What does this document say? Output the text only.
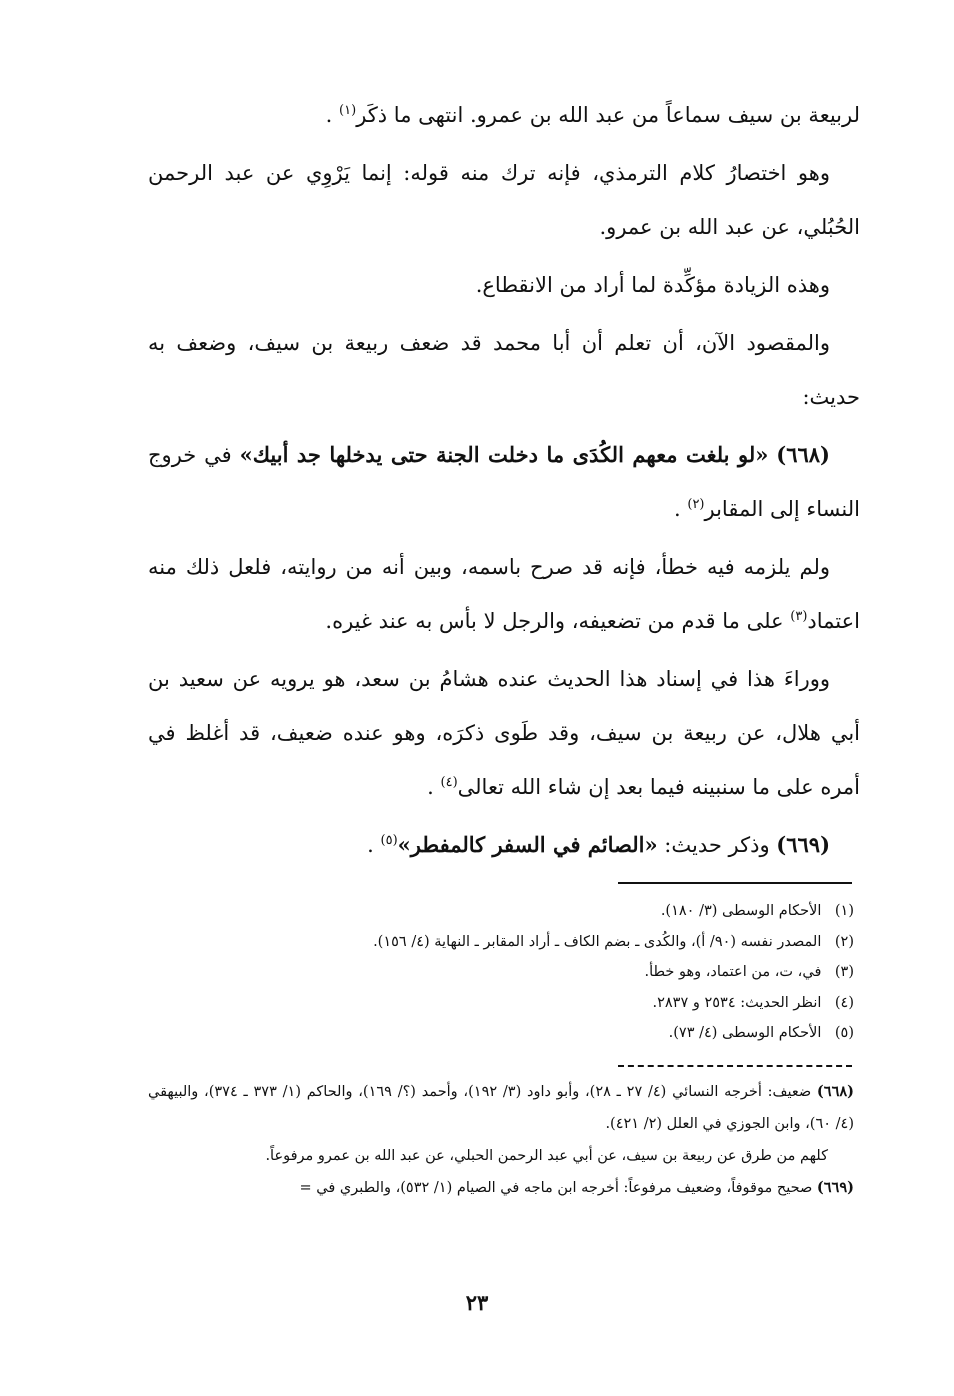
لربيعة بن سيف سماعاً من عبد الله بن عمرو. انتهى ما ذكَر$^{(١)}$ .

وهو اختصارُ كلام الترمذي، فإنه ترك منه قوله: إنما يَرْوِي عن عبد الرحمن الحُبُلي، عن عبد الله بن عمرو.

وهذه الزيادة مؤكِّدة لما أراد من الانقطاع.

والمقصود الآن، أن تعلم أن أبا محمد قد ضعف ربيعة بن سيف، وضعف به حديث:

(٦٦٨) «لو بلغت معهم الكُدَى ما دخلت الجنة حتى يدخلها جد أبيك» في خروج النساء إلى المقابر$^{(٢)}$ .

ولم يلزمه فيه خطأ، فإنه قد صرح باسمه، وبين أنه من روايته، فلعل ذلك منه اعتماد$^{(٣)}$ على ما قدم من تضعيفه، والرجل لا بأس به عند غيره.

ووراءَ هذا في إسناد هذا الحديث عنده هشامُ بن سعد، هو يرويه عن سعيد بن أبي هلال، عن ربيعة بن سيف، وقد طَوى ذكرَه، وهو عنده ضعيف، قد أغلظ في أمره على ما سنبينه فيما بعد إن شاء الله تعالى$^{(٤)}$ .

(٦٦٩) وذكر حديث: «الصائم في السفر كالمفطر»$^{(٥)}$ .

(١) الأحكام الوسطى (٣/ ١٨٠).
(٢) المصدر نفسه (٩٠/ أ)، والكُدى ـ بضم الكاف ـ أراد المقابر ـ النهاية (٤/ ١٥٦).
(٣) في، ت، من اعتماد، وهو خطأ.
(٤) انظر الحديث: ٢٥٣٤ و ٢٨٣٧.
(٥) الأحكام الوسطى (٤/ ٧٣).

(٦٦٨) ضعيف: أخرجه النسائي (٤/ ٢٧ ـ ٢٨)، وأبو داود (٣/ ١٩٢)، وأحمد (؟/ ١٦٩)، والحاكم (١/ ٣٧٣ ـ ٣٧٤)، والبيهقي (٤/ ٦٠)، وابن الجوزي في العلل (٢/ ٤٢١).

كلهم من طرق عن ربيعة بن سيف، عن أبي عبد الرحمن الحبلي، عن عبد الله بن عمرو مرفوعاً.

(٦٦٩) صحيح موقوفاً، وضعيف مرفوعاً: أخرجه ابن ماجه في الصيام (١/ ٥٣٢)، والطبري في =

٢٣
